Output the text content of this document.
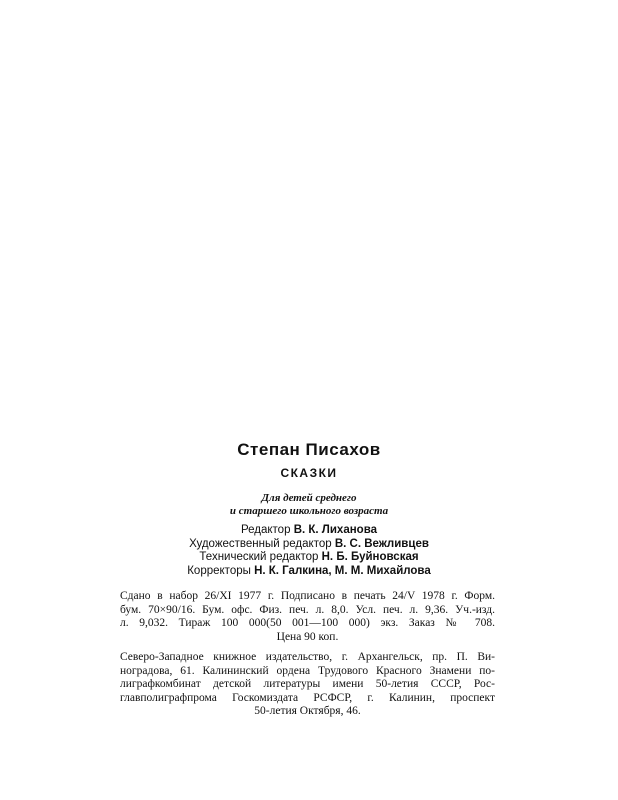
Степан Писахов
СКАЗКИ
Для детей среднего
и старшего школьного возраста
Редактор В. К. Лиханова
Художественный редактор В. С. Вежливцев
Технический редактор Н. Б. Буйновская
Корректоры Н. К. Галкина, М. М. Михайлова
Сдано в набор 26/XI 1977 г. Подписано в печать 24/V 1978 г. Форм.
бум. 70×90/16. Бум. офс. Физ. печ. л. 8,0. Усл. печ. л. 9,36. Уч.-изд.
л. 9,032. Тираж 100 000(50 001—100 000) экз. Заказ № 708.
Цена 90 коп.
Северо-Западное книжное издательство, г. Архангельск, пр. П. Ви-
ноградова, 61. Калининский ордена Трудового Красного Знамени по-
лиграфкомбинат детской литературы имени 50-летия СССР, Рос-
главполиграфпрома Госкомиздата РСФСР, г. Калинин, проспект
50-летия Октября, 46.
